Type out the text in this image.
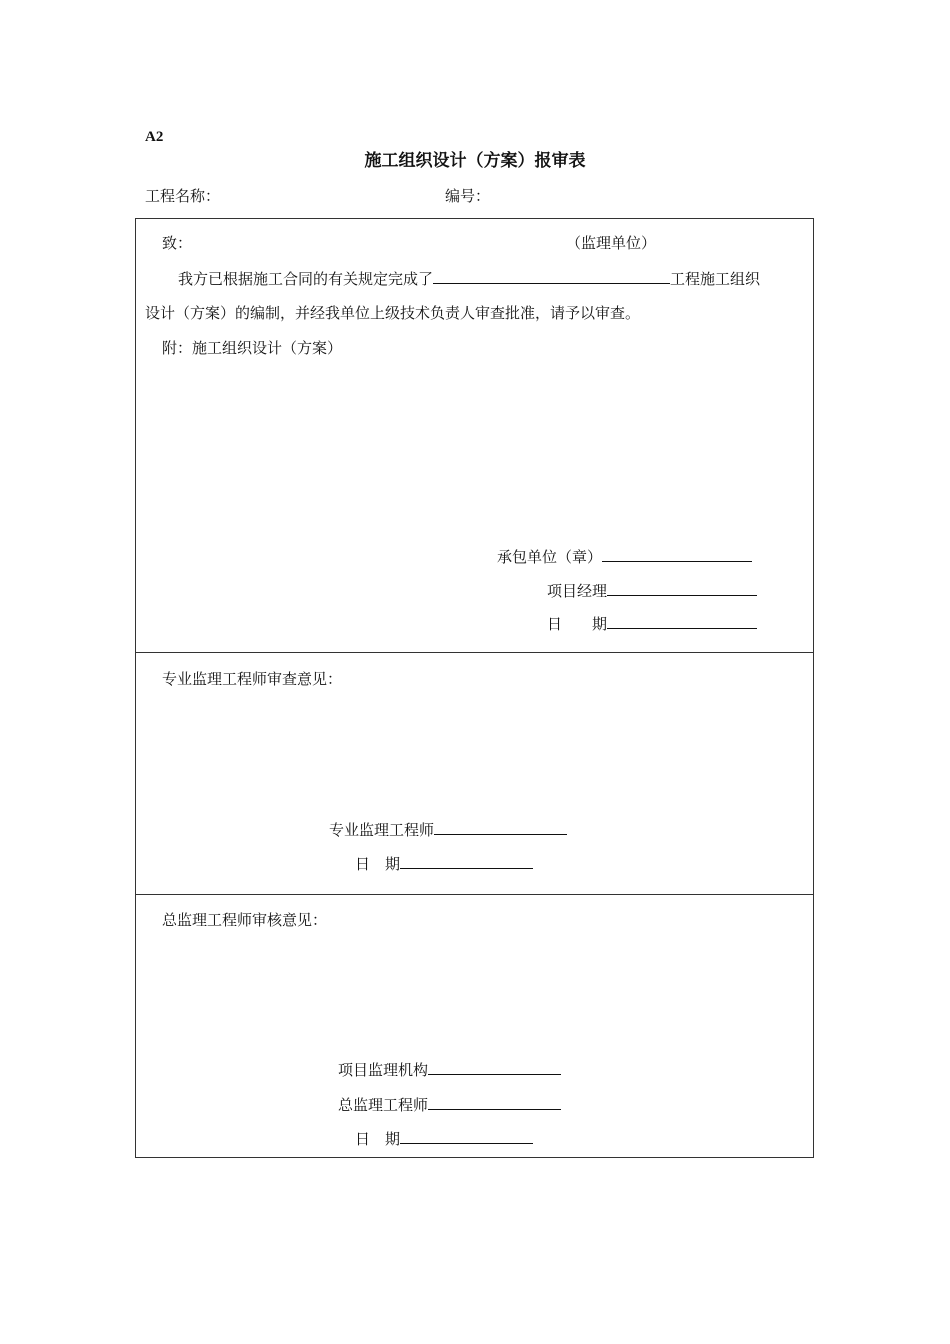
A2
施工组织设计（方案）报审表
工程名称：	编号：
致：	（监理单位）
我方已根据施工合同的有关规定完成了	工程施工组织
设计（方案）的编制，并经我单位上级技术负责人审查批准，请予以审查。
附：施工组织设计（方案）
承包单位（章）
项目经理
日　　期
专业监理工程师审查意见：
专业监理工程师
日　期
总监理工程师审核意见：
项目监理机构
总监理工程师
日　期
